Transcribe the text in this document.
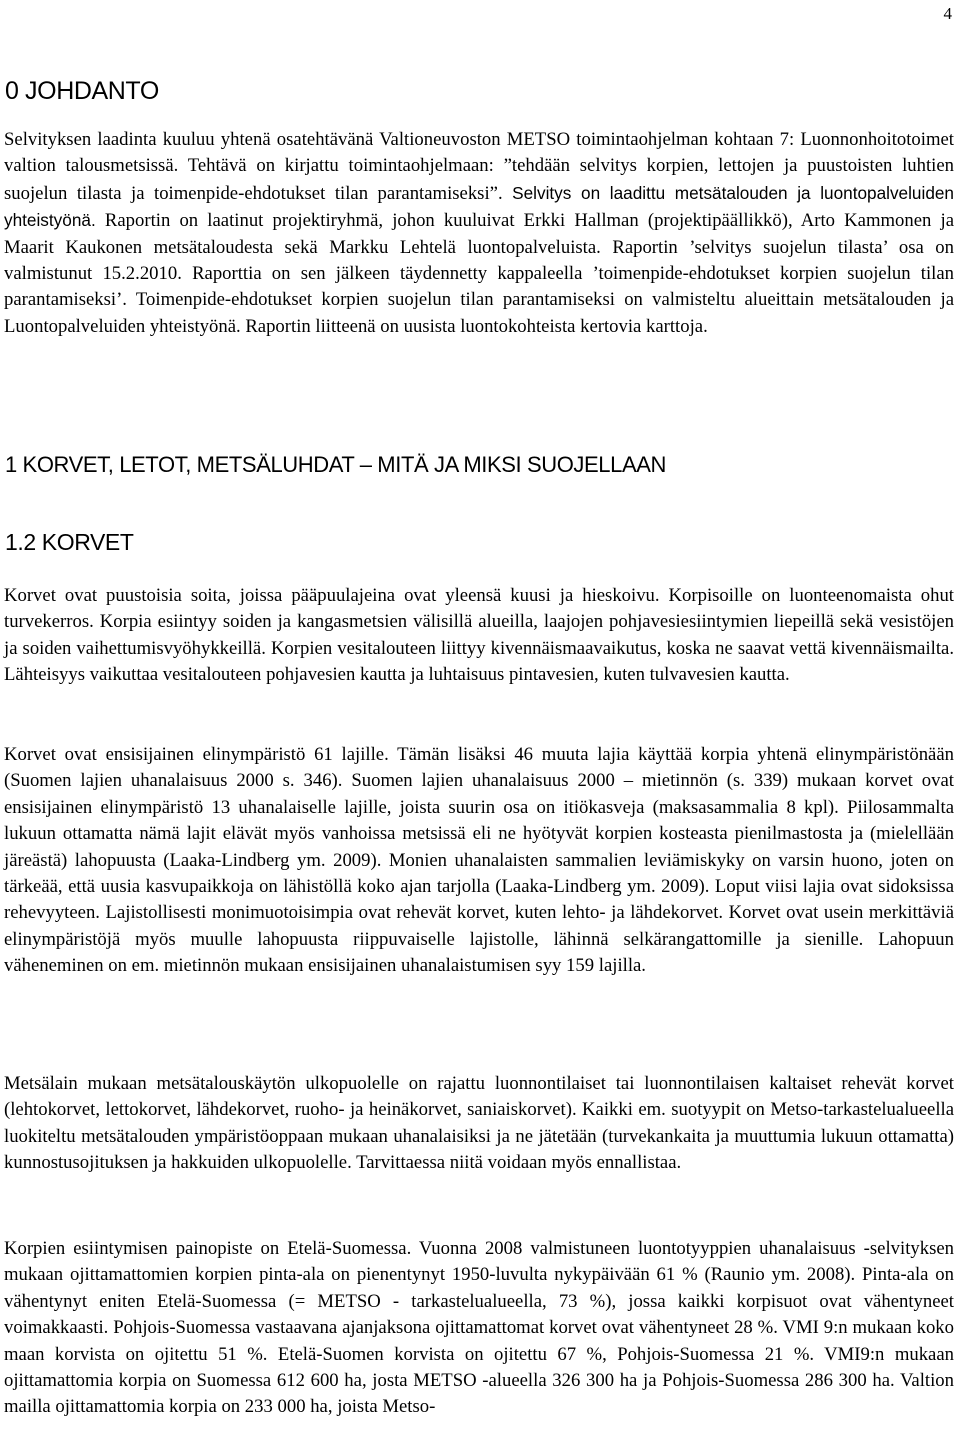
4
0 JOHDANTO

Selvityksen laadinta kuuluu yhtenä osatehtävänä Valtioneuvoston METSO toimintaohjelman kohtaan 7: Luonnonhoitotoimet valtion talousmetsissä. Tehtävä on kirjattu toimintaohjelmaan: ”tehdään selvitys korpien, lettojen ja puustoisten luhtien suojelun tilasta ja toimenpide-ehdotukset tilan parantamiseksi”. Selvitys on laadittu metsätalouden ja luontopalveluiden yhteistyönä. Raportin on laatinut projektiryhmä, johon kuuluivat Erkki Hallman (projektipäällikkö), Arto Kammonen ja Maarit Kaukonen metsätaloudesta sekä Markku Lehtelä luontopalveluista. Raportin ’selvitys suojelun tilasta’ osa on valmistunut 15.2.2010. Raporttia on sen jälkeen täydennetty kappaleella ’toimenpide-ehdotukset korpien suojelun tilan parantamiseksi’. Toimenpide-ehdotukset korpien suojelun tilan parantamiseksi on valmisteltu alueittain metsätalouden ja Luontopalveluiden yhteistyönä. Raportin liitteenä on uusista luontokohteista kertovia karttoja.

1 KORVET, LETOT, METSÄLUHDAT – MITÄ JA MIKSI SUOJELLAAN
1.2 KORVET

Korvet ovat puustoisia soita, joissa pääpuulajeina ovat yleensä kuusi ja hieskoivu. Korpisoille on luonteenomaista ohut turvekerros. Korpia esiintyy soiden ja kangasmetsien välisillä alueilla, laajojen pohjavesiesiintymien liepeillä sekä vesistöjen ja soiden vaihettumisvyöhykkeillä. Korpien vesitalouteen liittyy kivennäismaavaikutus, koska ne saavat vettä kivennäismailta. Lähteisyys vaikuttaa vesitalouteen pohjavesien kautta ja luhtaisuus pintavesien, kuten tulvavesien kautta.

Korvet ovat ensisijainen elinympäristö 61 lajille. Tämän lisäksi 46 muuta lajia käyttää korpia yhtenä elinympäristönään (Suomen lajien uhanalaisuus 2000 s. 346). Suomen lajien uhanalaisuus 2000 – mietinnön (s. 339) mukaan korvet ovat ensisijainen elinympäristö 13 uhanalaiselle lajille, joista suurin osa on itiökasveja (maksasammalia 8 kpl). Piilosammalta lukuun ottamatta nämä lajit elävät myös vanhoissa metsissä eli ne hyötyvät korpien kosteasta pienilmastosta ja (mielellään järeästä) lahopuusta (Laaka-Lindberg ym. 2009). Monien uhanalaisten sammalien leviämiskyky on varsin huono, joten on tärkeää, että uusia kasvupaikkoja on lähistöllä koko ajan tarjolla (Laaka-Lindberg ym. 2009). Loput viisi lajia ovat sidoksissa rehevyyteen. Lajistollisesti monimuotoisimpia ovat rehevät korvet, kuten lehto- ja lähdekorvet. Korvet ovat usein merkittäviä elinympäristöjä myös muulle lahopuusta riippuvaiselle lajistolle, lähinnä selkärangattomille ja sienille. Lahopuun väheneminen on em. mietinnön mukaan ensisijainen uhanalaistumisen syy 159 lajilla.

Metsälain mukaan metsätalouskäytön ulkopuolelle on rajattu luonnontilaiset tai luonnontilaisen kaltaiset rehevät korvet (lehtokorvet, lettokorvet, lähdekorvet, ruoho- ja heinäkorvet, saniaiskorvet). Kaikki em. suotyypit on Metso-tarkastelualueella luokiteltu metsätalouden ympäristöoppaan mukaan uhanalaisiksi ja ne jätetään (turvekankaita ja muuttumia lukuun ottamatta) kunnostusojituksen ja hakkuiden ulkopuolelle. Tarvittaessa niitä voidaan myös ennallistaa.

Korpien esiintymisen painopiste on Etelä-Suomessa. Vuonna 2008 valmistuneen luontotyyppien uhanalaisuus -selvityksen mukaan ojittamattomien korpien pinta-ala on pienentynyt 1950-luvulta nykypäivään 61 % (Raunio ym. 2008). Pinta-ala on vähentynyt eniten Etelä-Suomessa (= METSO - tarkastelualueella, 73 %), jossa kaikki korpisuot ovat vähentyneet voimakkaasti. Pohjois-Suomessa vastaavana ajanjaksona ojittamattomat korvet ovat vähentyneet 28 %. VMI 9:n mukaan koko maan korvista on ojitettu 51 %. Etelä-Suomen korvista on ojitettu 67 %, Pohjois-Suomessa 21 %. VMI9:n mukaan ojittamattomia korpia on Suomessa 612 600 ha, josta METSO -alueella 326 300 ha ja Pohjois-Suomessa 286 300 ha. Valtion mailla ojittamattomia korpia on 233 000 ha, joista Metso-
